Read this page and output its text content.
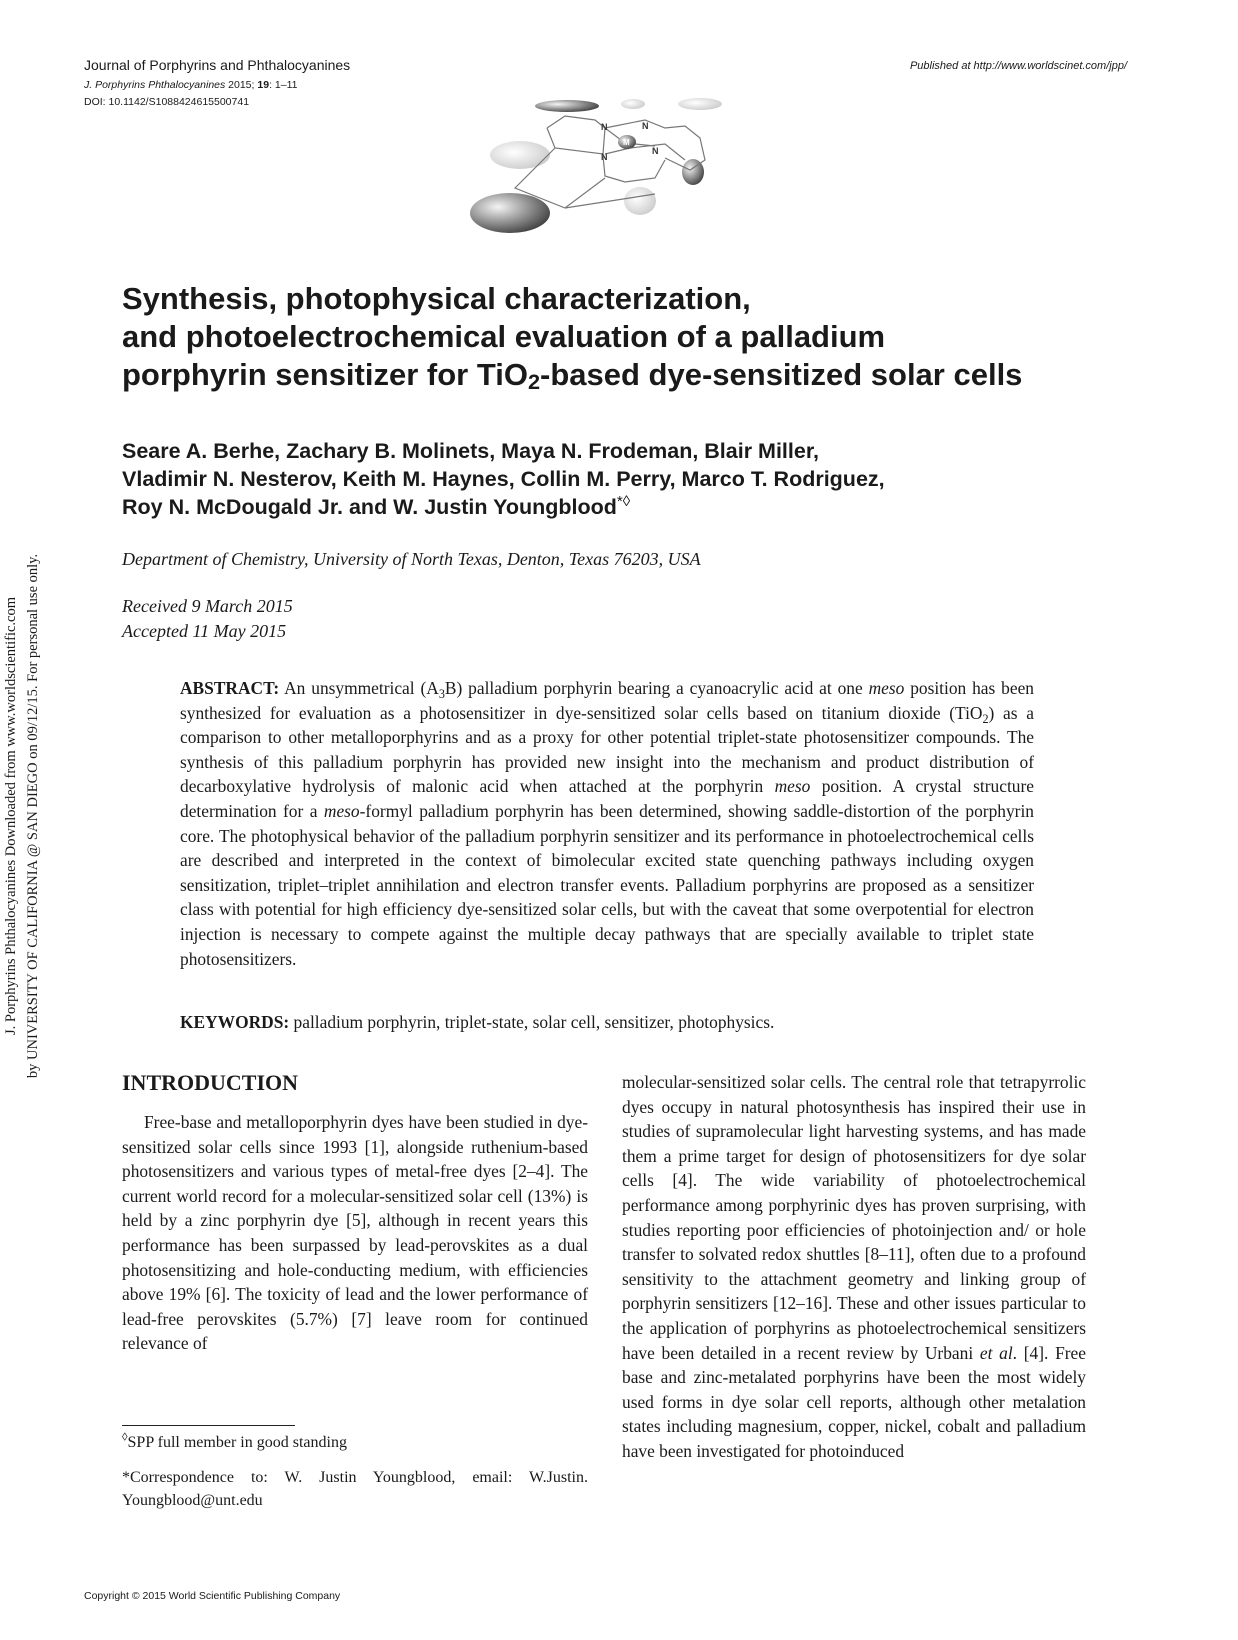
Journal of Porphyrins and Phthalocyanines
J. Porphyrins Phthalocyanines 2015; 19: 1–11
DOI: 10.1142/S1088424615500741
Published at http://www.worldscinet.com/jpp/
N	N
N
N
M
Synthesis, photophysical characterization,
and photoelectrochemical evaluation of a palladium
porphyrin sensitizer for TiO$_2$-based dye-sensitized solar cells
Seare A. Berhe, Zachary B. Molinets, Maya N. Frodeman, Blair Miller,
Vladimir N. Nesterov, Keith M. Haynes, Collin M. Perry, Marco T. Rodriguez,
Roy N. McDougald Jr. and W. Justin Youngblood*◊
Department of Chemistry, University of North Texas, Denton, Texas 76203, USA
Received 9 March 2015
Accepted 11 May 2015
ABSTRACT: An unsymmetrical $(A_3B)$ palladium porphyrin bearing a cyanoacrylic acid at one meso position has been synthesized for evaluation as a photosensitizer in dye-sensitized solar cells based on titanium dioxide (TiO$_2$) as a comparison to other metalloporphyrins and as a proxy for other potential triplet-state photosensitizer compounds. The synthesis of this palladium porphyrin has provided new insight into the mechanism and product distribution of decarboxylative hydrolysis of malonic acid when attached at the porphyrin meso position. A crystal structure determination for a meso-formyl palladium porphyrin has been determined, showing saddle-distortion of the porphyrin core. The photophysical behavior of the palladium porphyrin sensitizer and its performance in photoelectrochemical cells are described and interpreted in the context of bimolecular excited state quenching pathways including oxygen sensitization, triplet–triplet annihilation and electron transfer events. Palladium porphyrins are proposed as a sensitizer class with potential for high efficiency dye-sensitized solar cells, but with the caveat that some overpotential for electron injection is necessary to compete against the multiple decay pathways that are specially available to triplet state photosensitizers.
KEYWORDS: palladium porphyrin, triplet-state, solar cell, sensitizer, photophysics.
INTRODUCTION

Free-base and metalloporphyrin dyes have been studied in dye-sensitized solar cells since 1993 [1], alongside ruthenium-based photosensitizers and various types of metal-free dyes [2–4]. The current world record for a molecular-sensitized solar cell (13%) is held by a zinc porphyrin dye [5], although in recent years this performance has been surpassed by lead-perovskites as a dual photosensitizing and hole-conducting medium, with efficiencies above 19% [6]. The toxicity of lead and the lower performance of lead-free perovskites (5.7%) [7] leave room for continued relevance of

molecular-sensitized solar cells. The central role that tetrapyrrolic dyes occupy in natural photosynthesis has inspired their use in studies of supramolecular light harvesting systems, and has made them a prime target for design of photosensitizers for dye solar cells [4]. The wide variability of photoelectrochemical performance among porphyrinic dyes has proven surprising, with studies reporting poor efficiencies of photoinjection and/ or hole transfer to solvated redox shuttles [8–11], often due to a profound sensitivity to the attachment geometry and linking group of porphyrin sensitizers [12–16]. These and other issues particular to the application of porphyrins as photoelectrochemical sensitizers have been detailed in a recent review by Urbani et al. [4]. Free base and zinc-metalated porphyrins have been the most widely used forms in dye solar cell reports, although other metalation states including magnesium, copper, nickel, cobalt and palladium have been investigated for photoinduced

◊SPP full member in good standing
*Correspondence to: W. Justin Youngblood, email: W.Justin. Youngblood@unt.edu
Copyright © 2015 World Scientific Publishing Company
J. Porphyrins Phthalocyanines Downloaded from www.worldscientific.com by UNIVERSITY OF CALIFORNIA @ SAN DIEGO on 09/12/15. For personal use only.
